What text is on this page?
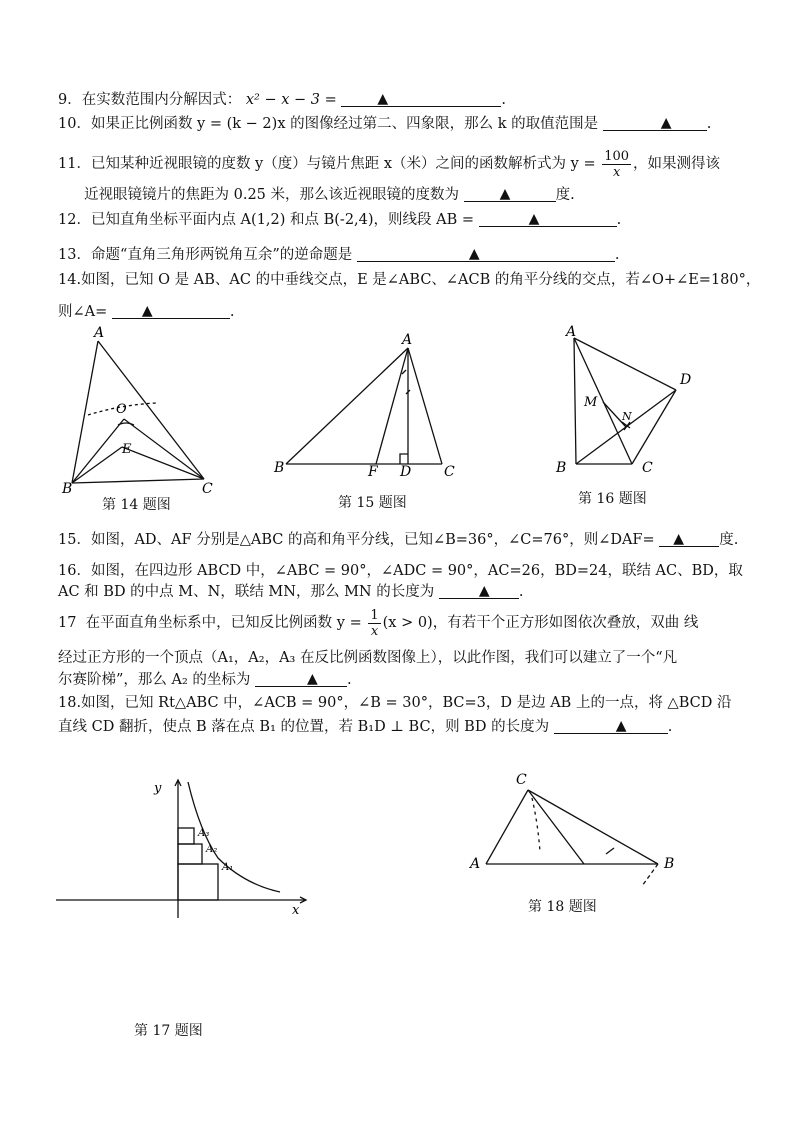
9．在实数范围内分解因式： x² − x − 3 =	▲	.
10．如果正比例函数 y = (k − 2)x 的图像经过第二、四象限，那么 k 的取值范围是	▲ .
11．已知某种近视眼镜的度数 y（度）与镜片焦距 x（米）之间的函数解析式为 $y = \frac{100}{x}$ ，如果测得该
近视眼镜镜片的焦距为 0.25 米，那么该近视眼镜的度数为	▲	度.
12．已知直角坐标平面内点 A(1,2) 和点 B(-2,4)，则线段 AB =	▲	.
13．命题“直角三角形两锐角互余”的逆命题是	▲	.
14.如图，已知 O 是 AB、AC 的中垂线交点，E 是∠ABC、∠ACB 的角平分线的交点，若∠O+∠E=180°，
则∠A= ▲	.
A
O
E
B	C
第 14 题图
A
B	F D C
第 15 题图
A
D
M
N
B	C
第 16 题图
15．如图，AD、AF 分别是△ABC 的高和角平分线，已知∠B=36°，∠C=76°，则∠DAF= ▲ 度.
16．如图，在四边形 ABCD 中，∠ABC = 90°，∠ADC = 90°，AC=26，BD=24，联结 AC、BD，取
AC 和 BD 的中点 M、N，联结 MN，那么 MN 的长度为	▲ .
17 在平面直角坐标系中，已知反比例函数 $y = \frac{1}{x} (x > 0)$，有若干个正方形如图依次叠放，双曲 线
经过正方形的一个顶点（A₁，A₂，A₃ 在反比例函数图像上），以此作图，我们可以建立了一个“凡
尔赛阶梯”，那么 A₂ 的坐标为	▲ .
18.如图，已知 Rt△ABC 中，∠ACB = 90°，∠B = 30°，BC=3，D 是边 AB 上的一点，将 △BCD 沿
直线 CD 翻折，使点 B 落在点 B₁ 的位置，若 B₁D ⊥ BC，则 BD 的长度为	▲	.
y
x
A₃
A₂
A₁
第 17 题图
C
A	B
第 18 题图
